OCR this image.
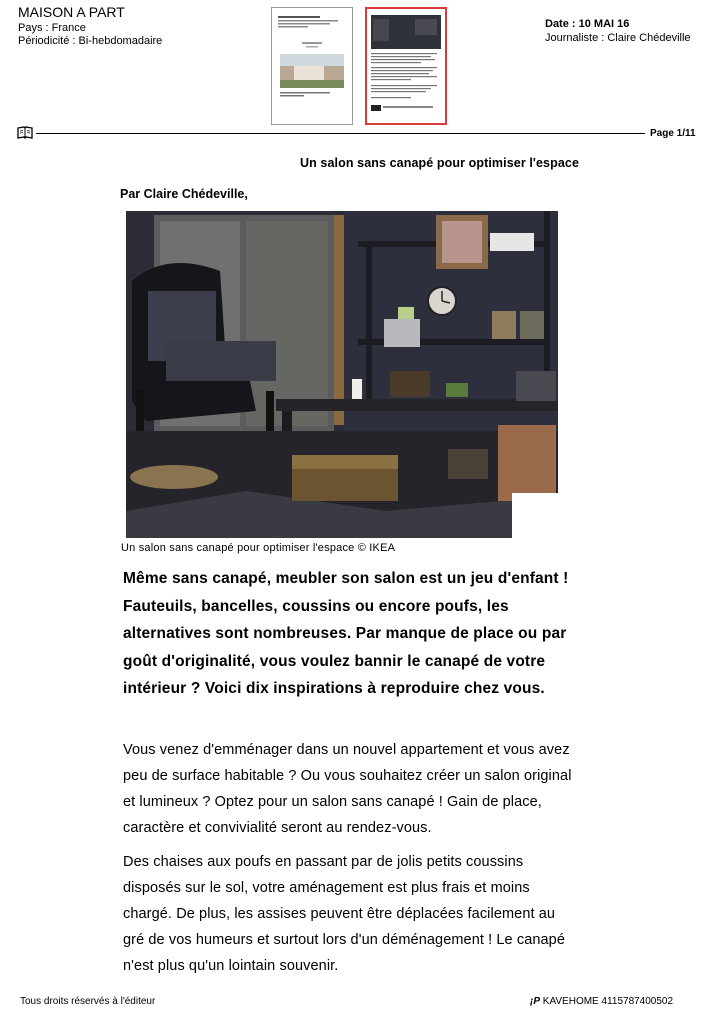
MAISON A PART
Pays : France
Périodicité : Bi-hebdomadaire
Date : 10 MAI 16
Journaliste : Claire Chédeville
Page 1/11
Un salon sans canapé pour optimiser l'espace
Par Claire Chédeville,
Un salon sans canapé pour optimiser l'espace © IKEA
Même sans canapé, meubler son salon est un jeu d'enfant ! Fauteuils, bancelles, coussins ou encore poufs, les alternatives sont nombreuses. Par manque de place ou par goût d'originalité, vous voulez bannir le canapé de votre intérieur ? Voici dix inspirations à reproduire chez vous.
Vous venez d'emménager dans un nouvel appartement et vous avez peu de surface habitable ? Ou vous souhaitez créer un salon original et lumineux ? Optez pour un salon sans canapé ! Gain de place, caractère et convivialité seront au rendez-vous.
Des chaises aux poufs en passant par de jolis petits coussins disposés sur le sol, votre aménagement est plus frais et moins chargé. De plus, les assises peuvent être déplacées facilement au gré de vos humeurs et surtout lors d'un déménagement ! Le canapé n'est plus qu'un lointain souvenir.
Tous droits réservés à l'éditeur	¡P KAVEHOME 4115787400502
